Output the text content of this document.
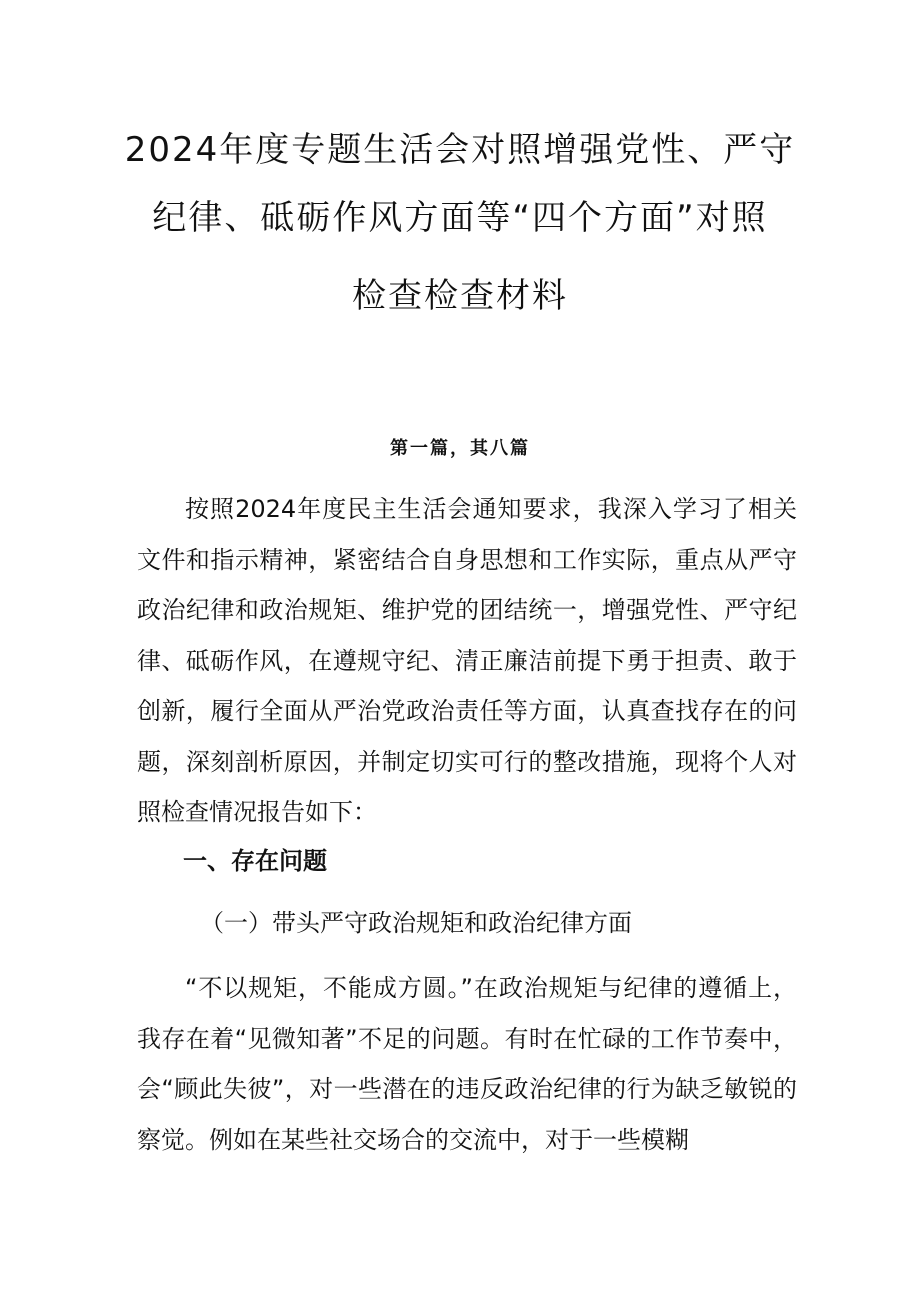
2024年度专题生活会对照增强党性、严守
纪律、砥砺作风方面等“四个方面”对照
检查检查材料
第一篇，其八篇

按照2024年度民主生活会通知要求，我深入学习了相关文件和指示精神，紧密结合自身思想和工作实际，重点从严守政治纪律和政治规矩、维护党的团结统一，增强党性、严守纪律、砥砺作风，在遵规守纪、清正廉洁前提下勇于担责、敢于创新，履行全面从严治党政治责任等方面，认真查找存在的问题，深刻剖析原因，并制定切实可行的整改措施，现将个人对照检查情况报告如下：

一、存在问题
（一）带头严守政治规矩和政治纪律方面

“不以规矩，不能成方圆。”在政治规矩与纪律的遵循上，我存在着“见微知著”不足的问题。有时在忙碌的工作节奏中，会“顾此失彼”，对一些潜在的违反政治纪律的行为缺乏敏锐的察觉。例如在某些社交场合的交流中，对于一些模糊
